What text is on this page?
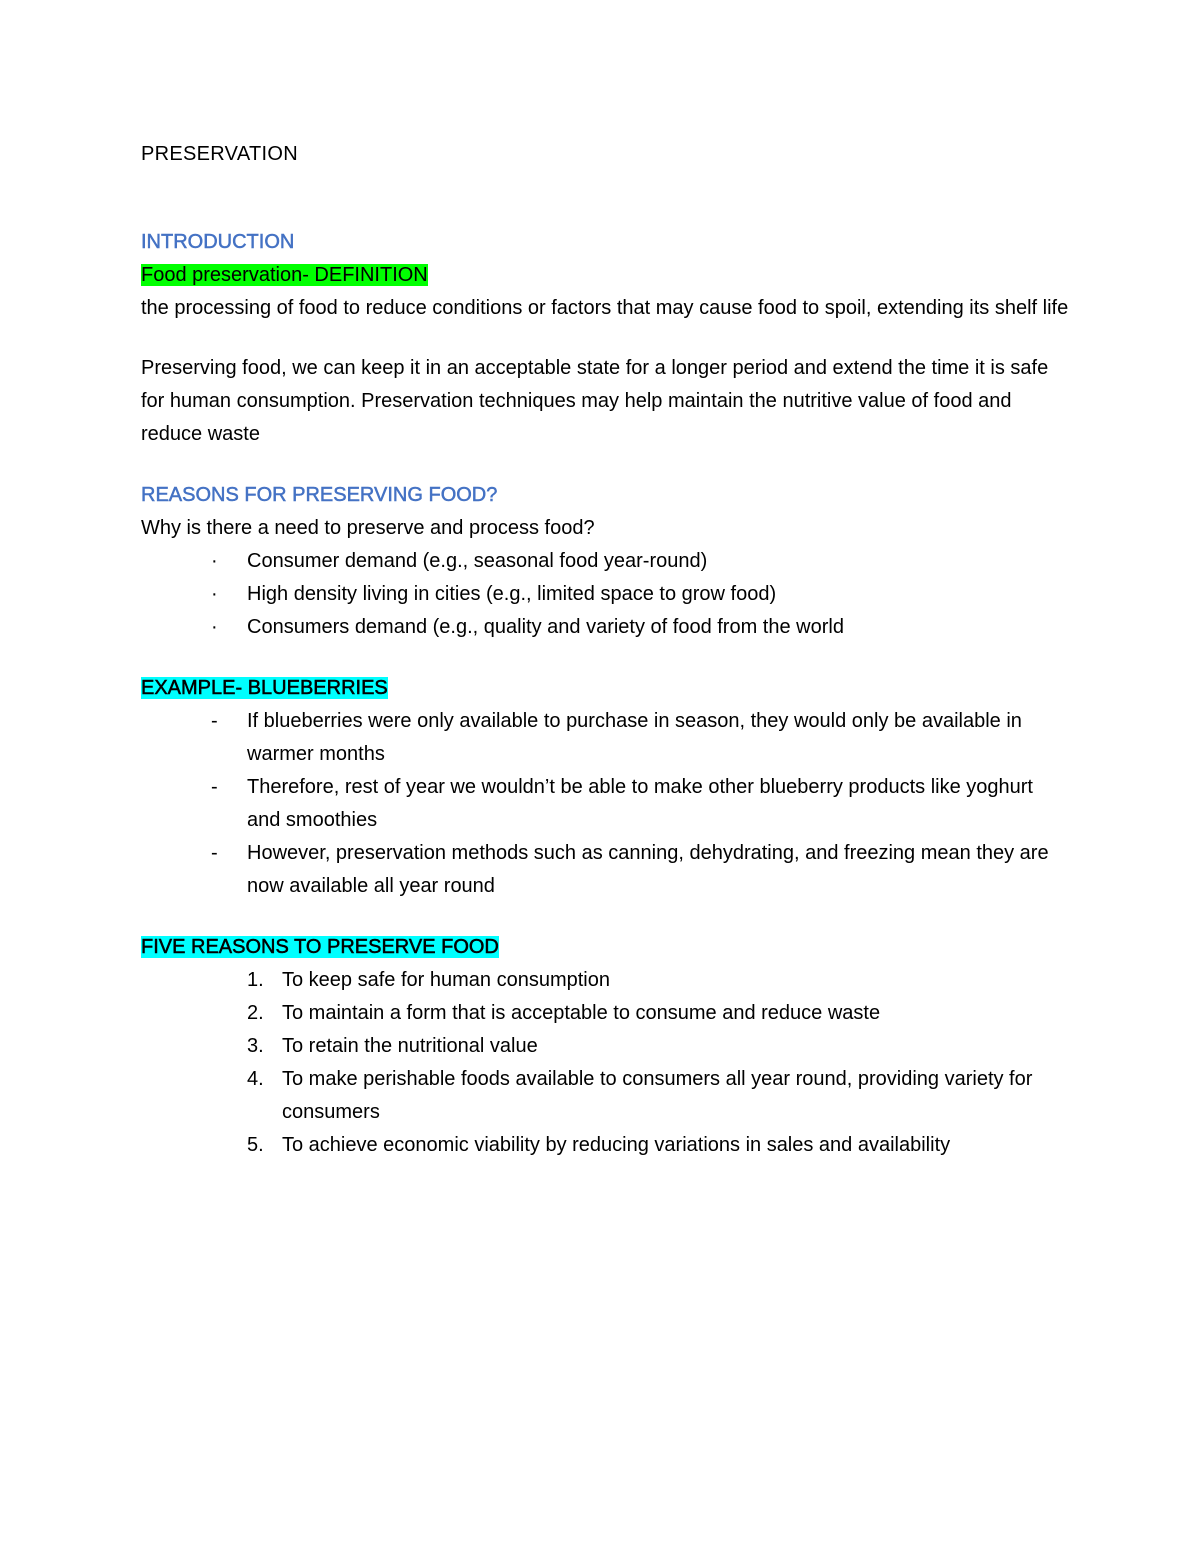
PRESERVATION
INTRODUCTION

Food preservation- DEFINITION

the processing of food to reduce conditions or factors that may cause food to spoil, extending its shelf life

Preserving food, we can keep it in an acceptable state for a longer period and extend the time it is safe for human consumption. Preservation techniques may help maintain the nutritive value of food and reduce waste

REASONS FOR PRESERVING FOOD?

Why is there a need to preserve and process food?

· Consumer demand (e.g., seasonal food year-round)
· High density living in cities (e.g., limited space to grow food)
· Consumers demand (e.g., quality and variety of food from the world

EXAMPLE- BLUEBERRIES

- If blueberries were only available to purchase in season, they would only be available in warmer months
- Therefore, rest of year we wouldn’t be able to make other blueberry products like yoghurt and smoothies
- However, preservation methods such as canning, dehydrating, and freezing mean they are now available all year round

FIVE REASONS TO PRESERVE FOOD

1. To keep safe for human consumption
2. To maintain a form that is acceptable to consume and reduce waste
3. To retain the nutritional value
4. To make perishable foods available to consumers all year round, providing variety for consumers
5. To achieve economic viability by reducing variations in sales and availability
